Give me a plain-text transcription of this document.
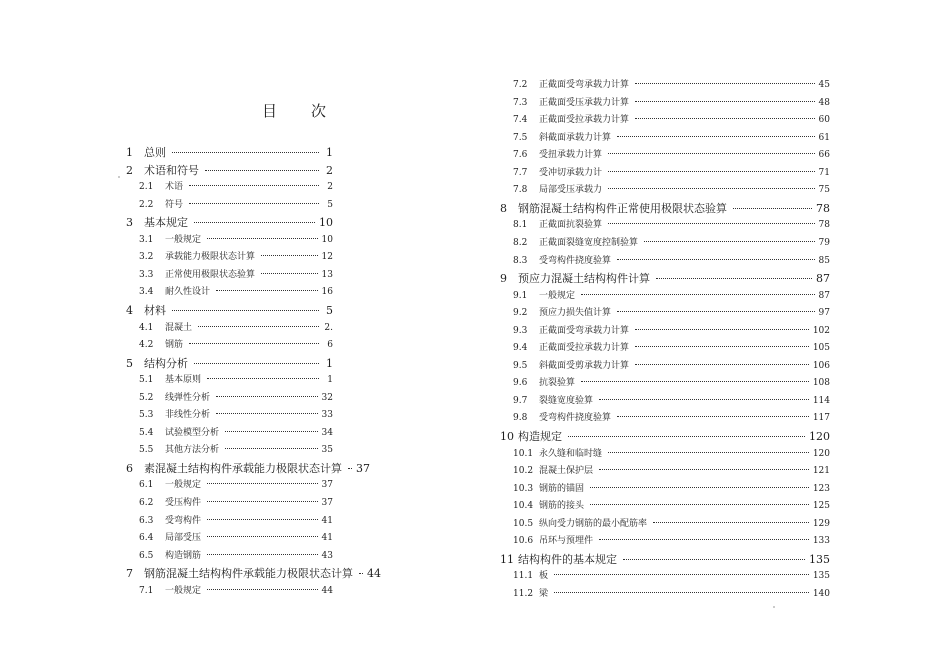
目 次
1	总则	1
2	术语和符号	2
2.1	术语	2
2.2	符号	5
3	基本规定	10
3.1	一般规定	10
3.2	承载能力极限状态计算	12
3.3	正常使用极限状态验算	13
3.4	耐久性设计	16
4	材料	5
4.1	混凝土	2.
4.2	钢筋	6
5	结构分析	1
5.1	基本原则	1
5.2	线弹性分析	32
5.3	非线性分析	33
5.4	试验模型分析	34
5.5	其他方法分析	35
6	素混凝土结构构件承载能力极限状态计算 37
6.1	一般规定	37
6.2	受压构件	37
6.3	受弯构件	41
6.4	局部受压	41
6.5	构造钢筋	43
7	钢筋混凝土结构构件承载能力极限状态计算 44
7.1	一般规定	44
7.2	正截面受弯承载力计算	45
7.3	正截面受压承载力计算	48
7.4	正截面受拉承载力计算	60
7.5	斜截面承载力计算	61
7.6	受扭承载力计算	66
7.7	受冲切承载力计	71
7.8	局部受压承载力	75
8	钢筋混凝土结构构件正常使用极限状态验算	78
8.1	正截面抗裂验算	78
8.2	正截面裂缝宽度控制验算	79
8.3	受弯构件挠度验算	85
9	预应力混凝土结构构件计算	87
9.1	一般规定	87
9.2	预应力损失值计算	97
9.3	正截面受弯承载力计算	102
9.4	正截面受拉承载力计算	105
9.5	斜截面受剪承载力计算	106
9.6	抗裂验算	108
9.7	裂缝宽度验算	114
9.8	受弯构件挠度验算	117
10 构造规定	120
10.1 永久缝和临时缝	120
10.2 混凝土保护层	121
10.3 钢筋的锚固	123
10.4 钢筋的接头	125
10.5 纵向受力钢筋的最小配筋率	129
10.6 吊环与预埋件	133
11 结构构件的基本规定	135
11.1 板	135
11.2 梁	140
